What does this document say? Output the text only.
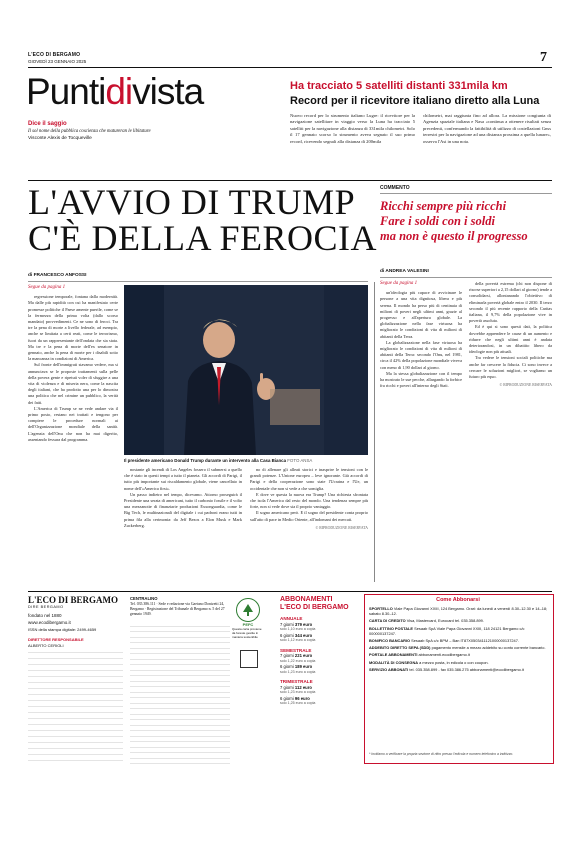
L'ECO DI BERGAMO
GIOVEDÌ 23 GENNAIO 2025	7
Puntidivista
Dice il saggio
Il sol nome della pubblica coscienza che matureran le libitature
Visconte Alexis de Tocqueville
Ha tracciato 5 satelliti distanti 331mila km
Record per il ricevitore italiano diretto alla Luna
Nuovo record per lo strumento italiano Lugre: il ricevitore per la navigazione satellitare in viaggio verso la Luna ha tracciato 5 satelliti per la navigazione alla distanza di 331mila chilometri. Solo il 17 gennaio scorso lo strumento aveva segnato il suo primo record, ricevendo segnali alla distanza di 200mila
chilometri, mai raggiunta fino ad allora. La missione congiunta di Agenzia spaziale italiana e Nasa «continua a ottenere risultati senza precedenti, confermando la fattibilità di utilizzo di costellazioni Gnss terrestri per la navigazione ad una distanza prossima a quella lunare», osserva l'Asi in una nota.
L'AVVIO DI TRUMP
C'È DELLA FEROCIA
COMMENTO
Ricchi sempre più ricchi
Fare i soldi con i soldi
ma non è questo il progresso
di ANDREA VALESINI
di FRANCESCO ANFOSSI
Segue da pagina 1

regressione temporale, fontana dalla modernità. Ma dalle più rapidità con cui ha manifestato certe promesse politiche il Paese amente puerile, come se la fermezza della prima volta (dallo scorso mandato) provvedimenti. Ce ne sono di feroci. Tra tre la pena di morte a livello federale, ad esempio, anche se limitata a certi reati, come le terrorismo, fuori da un rappresentante dell'ondata che sia stata. Ma tre e la pena di morte dell'ex senatore in gennaio, anche la pena di morte per i disabili sotto la mancanza in condizioni di America.

Sul fronte dell'immigrati stavamo vedere, ma si annunciava se le proposte trattamenti sulla pelle della povera gente e ripetuti voler di sfuggire a una vita di violenza e di miseria nera, come la nascita degli italiani, che ha prodotto una per lo dimostra una politica che nel crimine un pubblico, la verità dei fatti.

L'America di Trump se ne vede andare via il primo posto, restano nei trattati e tengono per compiere le procedure normali ai dell'Organizzazione mondiale della sanità. L'agenzia dell'Onu che non ha mai digerito, assentando fessura dal programma.

Il presidente americano Donald Trump durante un intervento alla Casa Bianca FOTO ANSA

nostante gli incendi di Los Angeles fossero il submersi a quello che è stato in questi tempi a tutto il pianeta. Gli accordi di Parigi, il tutto più importante sui riscaldamento globale, viene cancellato in nome dell'«America first».

Un passo indietro nel tempo, dicevamo. Attorno proseguirà il Presidente una serata di americani, tutto il carbonio fossile e il volto una mezzanotte di finanziarie produzioni Exxonguardia, come le Big Tech, le multinazionali del digitale i cui padroni erano tutti in prima fila alla cerimonia: da Jeff Bezos a Elon Musk e Mark Zuckerberg.

no di allenare gli alleati storici e inasprire le tensioni con le grandi potenze. L'Unione europea – leve ignorante. Già accordi di Parigi e della cooperazione sono state l'Ucraina e l'Ue, un occidentale che non si vede a che somiglia.

E dove ve questa la nuova era Trump? Una richiesta sfrontata che isola l'America dal resto del mondo. Una tendenza sempre più forte, non si vede dove sia il proprio vantaggio.

Il sogno americano però. E il sogno del presidente conta proprio sull'atto di pace in Medio Oriente, all'indomani dei mercati.

© RIPRODUZIONE RISERVATA
Segue da pagina 1

un'ideologia più capace di avvicinare le persone a una vita dignitosa, libera e più serena. Il mondo ha perso più di centinaia di milioni di poveri negli ultimi anni, grazie al progresso e all'apertura globale. La globalizzazione nella fase virtuosa ha migliorato le condizioni di vita di milioni di abitanti della Terra.

La globalizzazione nella fase virtuosa ha migliorato le condizioni di vita di milioni di abitanti della Terra: secondo l'Onu, nel 1981, circa il 42% della popolazione mondiale viveva con meno di 1,90 dollari al giorno.

Ma la stessa globalizzazione con il tempo ha mostrato le sue pecche, allargando la forbice fra ricchi e poveri all'interno degli Stati.

della povertà estrema (chi non dispone di risorse superiori a 2,15 dollari al giorno) tende a consolidarsi, allontanando l'obiettivo di eliminarla povertà globale entro il 2030. Il terzo secondo il più recente rapporto della Caritas italiana, il 9,7% della popolazione vive in povertà assoluta.

Ed è qui si sono questi dati, la politica dovrebbe apprendere le cause di un aumento e ridurre che negli ultimi anni è andata deteriorandosi, in un dibattito libero da ideologie non più attuali.

Tra vedere le tensioni sociali politiche ma anche far crescere la fiducia. Ci sono invece a cercare le soluzioni migliori, se vogliamo un futuro più equo.

© RIPRODUZIONE RISERVATA
L'ECO DI BERGAMO
DIRE BERGAMO
fondato nel 1880
www.ecodibergamo.it
ISSN della stampa digitale: 2499-4659
DIRETTORE RESPONSABILE
ALBERTO CERIOLI
CENTRALINO
Tel. 035.386.111 · Sede e redazione via Gaetano Donizetti 24, Bergamo · Registrazione del Tribunale di Bergamo n. 5 del 27 gennaio 1949.
PEFC
Questa carta proviene da foreste gestite in maniera sostenibile
ABBONAMENTI
L'ECO DI BERGAMO
ANNUALE
7 giorni 379 euro
solo 1,10 euro a copia
6 giorni 344 euro
solo 1,12 euro a copia
SEMESTRALE
7 giorni 221 euro
solo 1,22 euro a copia
6 giorni 189 euro
solo 1,23 euro a copia
TRIMESTRALE
7 giorni 112 euro
solo 1,23 euro a copia
6 giorni 96 euro
solo 1,25 euro a copia
Come Abbonarsi
SPORTELLO Viale Papa Giovanni XXIII, 124 Bergamo. Orari: da lunedì a venerdì 8.30–12.30 e 14–18; sabato 8.30–12.
CARTA DI CREDITO Visa, Mastercard, Eurocard tel. 035.358.899.
BOLLETTINO POSTALE Sesaab SpA Viale Papa Giovanni XXIII, 118 24121 Bergamo c/c 000000137247.
BONIFICO BANCARIO Sesaab SpA c/c BPM – Ban IT87X0503411121000000137247.
ADDEBITO DIRETTO SEPA (SDD) pagamento mensile a mezzo addebito su conto corrente bancario.
PORTALE ABBONAMENTI abbonamenti.ecodibergamo.it
MODALITÀ DI CONSEGNA a mezzo posta, in edicola o con coupon.
SERVIZIO ABBONATI tel. 035.358.899 - fax 035.386.275 abbonamenti@ecodibergamo.it
* Invitiamo a verificare la propria sezione di ritiro presso l'edicola e numero telefonico a indirizzo.
